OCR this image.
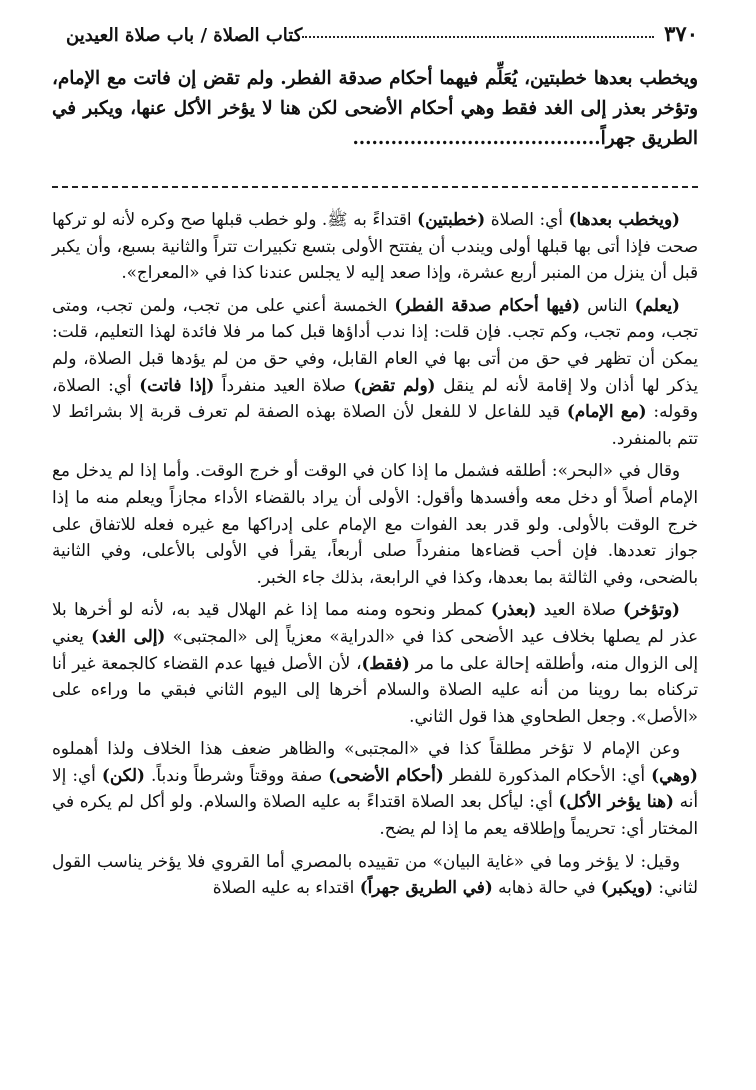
٣٧٠
كتاب الصلاة / باب صلاة العيدين
ويخطب بعدها خطبتين، يُعَلِّم فيهما أحكام صدقة الفطر. ولم تقض إن فاتت مع الإمام، وتؤخر بعذر إلى الغد فقط وهي أحكام الأضحى لكن هنا لا يؤخر الأكل عنها، ويكبر في الطريق جهراً.......................................

(ويخطب بعدها) أي: الصلاة (خطبتين) اقتداءً به ﷺ. ولو خطب قبلها صح وكره لأنه لو تركها صحت فإذا أتى بها قبلها أولى ويندب أن يفتتح الأولى بتسع تكبيرات تتراً والثانية بسبع، وأن يكبر قبل أن ينزل من المنبر أربع عشرة، وإذا صعد إليه لا يجلس عندنا كذا في «المعراج».

(يعلم) الناس (فيها أحكام صدقة الفطر) الخمسة أعني على من تجب، ولمن تجب، ومتى تجب، ومم تجب، وكم تجب. فإن قلت: إذا ندب أداؤها قبل كما مر فلا فائدة لهذا التعليم، قلت: يمكن أن تظهر في حق من أتى بها في العام القابل، وفي حق من لم يؤدها قبل الصلاة، ولم يذكر لها أذان ولا إقامة لأنه لم ينقل (ولم تقض) صلاة العيد منفرداً (إذا فاتت) أي: الصلاة، وقوله: (مع الإمام) قيد للفاعل لا للفعل لأن الصلاة بهذه الصفة لم تعرف قربة إلا بشرائط لا تتم بالمنفرد.

وقال في «البحر»: أطلقه فشمل ما إذا كان في الوقت أو خرج الوقت. وأما إذا لم يدخل مع الإمام أصلاً أو دخل معه وأفسدها وأقول: الأولى أن يراد بالقضاء الأداء مجازاً ويعلم منه ما إذا خرج الوقت بالأولى. ولو قدر بعد الفوات مع الإمام على إدراكها مع غيره فعله للاتفاق على جواز تعددها. فإن أحب قضاءها منفرداً صلى أربعاً، يقرأ في الأولى بالأعلى، وفي الثانية بالضحى، وفي الثالثة بما بعدها، وكذا في الرابعة، بذلك جاء الخبر.

(وتؤخر) صلاة العيد (بعذر) كمطر ونحوه ومنه مما إذا غم الهلال قيد به، لأنه لو أخرها بلا عذر لم يصلها بخلاف عيد الأضحى كذا في «الدراية» معزياً إلى «المجتبى» (إلى الغد) يعني إلى الزوال منه، وأطلقه إحالة على ما مر (فقط)، لأن الأصل فيها عدم القضاء كالجمعة غير أنا تركناه بما روينا من أنه عليه الصلاة والسلام أخرها إلى اليوم الثاني فبقي ما وراءه على «الأصل». وجعل الطحاوي هذا قول الثاني.

وعن الإمام لا تؤخر مطلقاً كذا في «المجتبى» والظاهر ضعف هذا الخلاف ولذا أهملوه (وهي) أي: الأحكام المذكورة للفطر (أحكام الأضحى) صفة ووقتاً وشرطاً وندباً. (لكن) أي: إلا أنه (هنا يؤخر الأكل) أي: ليأكل بعد الصلاة اقتداءً به عليه الصلاة والسلام. ولو أكل لم يكره في المختار أي: تحريماً وإطلاقه يعم ما إذا لم يضح.

وقيل: لا يؤخر وما في «غاية البيان» من تقييده بالمصري أما القروي فلا يؤخر يناسب القول لثاني: (ويكبر) في حالة ذهابه (في الطريق جهراً) اقتداء به عليه الصلاة
